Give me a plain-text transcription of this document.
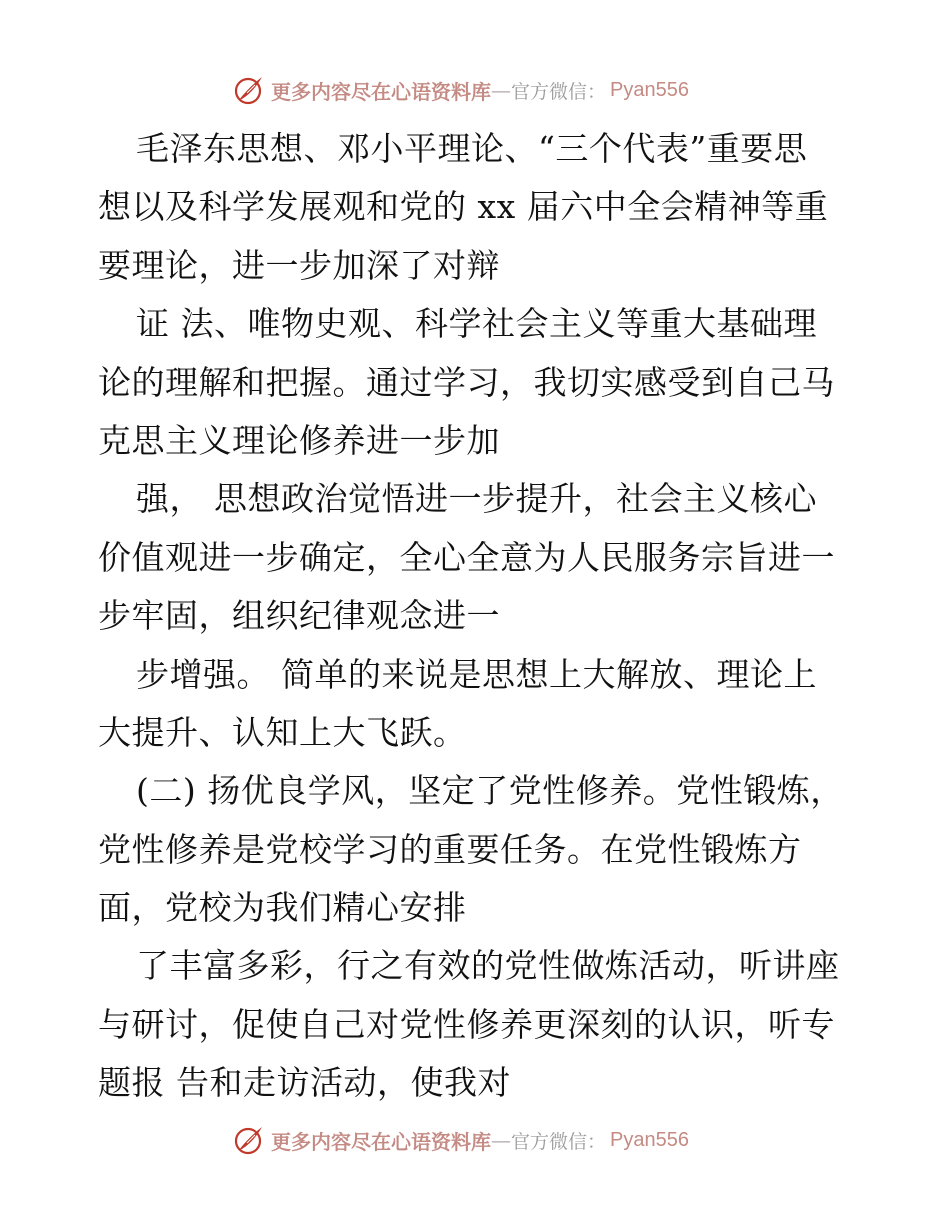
更多内容尽在心语资料库 — 官方微信： Pyan556
毛泽东思想、邓小平理论、“三个代表”重要思
想以及科学发展观和党的 xx 届六中全会精神等重
要理论，进一步加深了对辩
证 法、唯物史观、科学社会主义等重大基础理
论的理解和把握。通过学习，我切实感受到自己马
克思主义理论修养进一步加
强， 思想政治觉悟进一步提升，社会主义核心
价值观进一步确定，全心全意为人民服务宗旨进一
步牢固，组织纪律观念进一
步增强。 简单的来说是思想上大解放、理论上
大提升、认知上大飞跃。
(二) 扬优良学风，坚定了党性修养。党性锻炼，
党性修养是党校学习的重要任务。在党性锻炼方
面，党校为我们精心安排
了丰富多彩，行之有效的党性做炼活动，听讲座
与研讨，促使自己对党性修养更深刻的认识，听专
题报 告和走访活动，使我对
更多内容尽在心语资料库 — 官方微信： Pyan556
